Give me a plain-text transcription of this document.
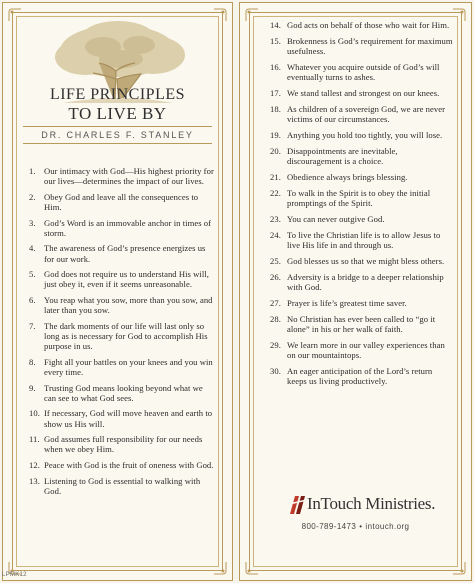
LIFE PRINCIPLES
TO LIVE BY
DR. CHARLES F. STANLEY
1. Our intimacy with God—His highest priority for our lives—determines the impact of our lives.
2. Obey God and leave all the consequences to Him.
3. God’s Word is an immovable anchor in times of storm.
4. The awareness of God’s presence energizes us for our work.
5. God does not require us to understand His will, just obey it, even if it seems unreasonable.
6. You reap what you sow, more than you sow, and later than you sow.
7. The dark moments of our life will last only so long as is necessary for God to accomplish His purpose in us.
8. Fight all your battles on your knees and you win every time.
9. Trusting God means looking beyond what we can see to what God sees.
10. If necessary, God will move heaven and earth to show us His will.
11. God assumes full responsibility for our needs when we obey Him.
12. Peace with God is the fruit of oneness with God.
13. Listening to God is essential to walking with God.
14. God acts on behalf of those who wait for Him.
15. Brokenness is God’s requirement for maximum usefulness.
16. Whatever you acquire outside of God’s will eventually turns to ashes.
17. We stand tallest and strongest on our knees.
18. As children of a sovereign God, we are never victims of our circumstances.
19. Anything you hold too tightly, you will lose.
20. Disappointments are inevitable, discouragement is a choice.
21. Obedience always brings blessing.
22. To walk in the Spirit is to obey the initial promptings of the Spirit.
23. You can never outgive God.
24. To live the Christian life is to allow Jesus to live His life in and through us.
25. God blesses us so that we might bless others.
26. Adversity is a bridge to a deeper relationship with God.
27. Prayer is life’s greatest time saver.
28. No Christian has ever been called to “go it alone” in his or her walk of faith.
29. We learn more in our valley experiences than on our mountaintops.
30. An eager anticipation of the Lord’s return keeps us living productively.
InTouch Ministries.
800-789-1473 • intouch.org
LPMK12
